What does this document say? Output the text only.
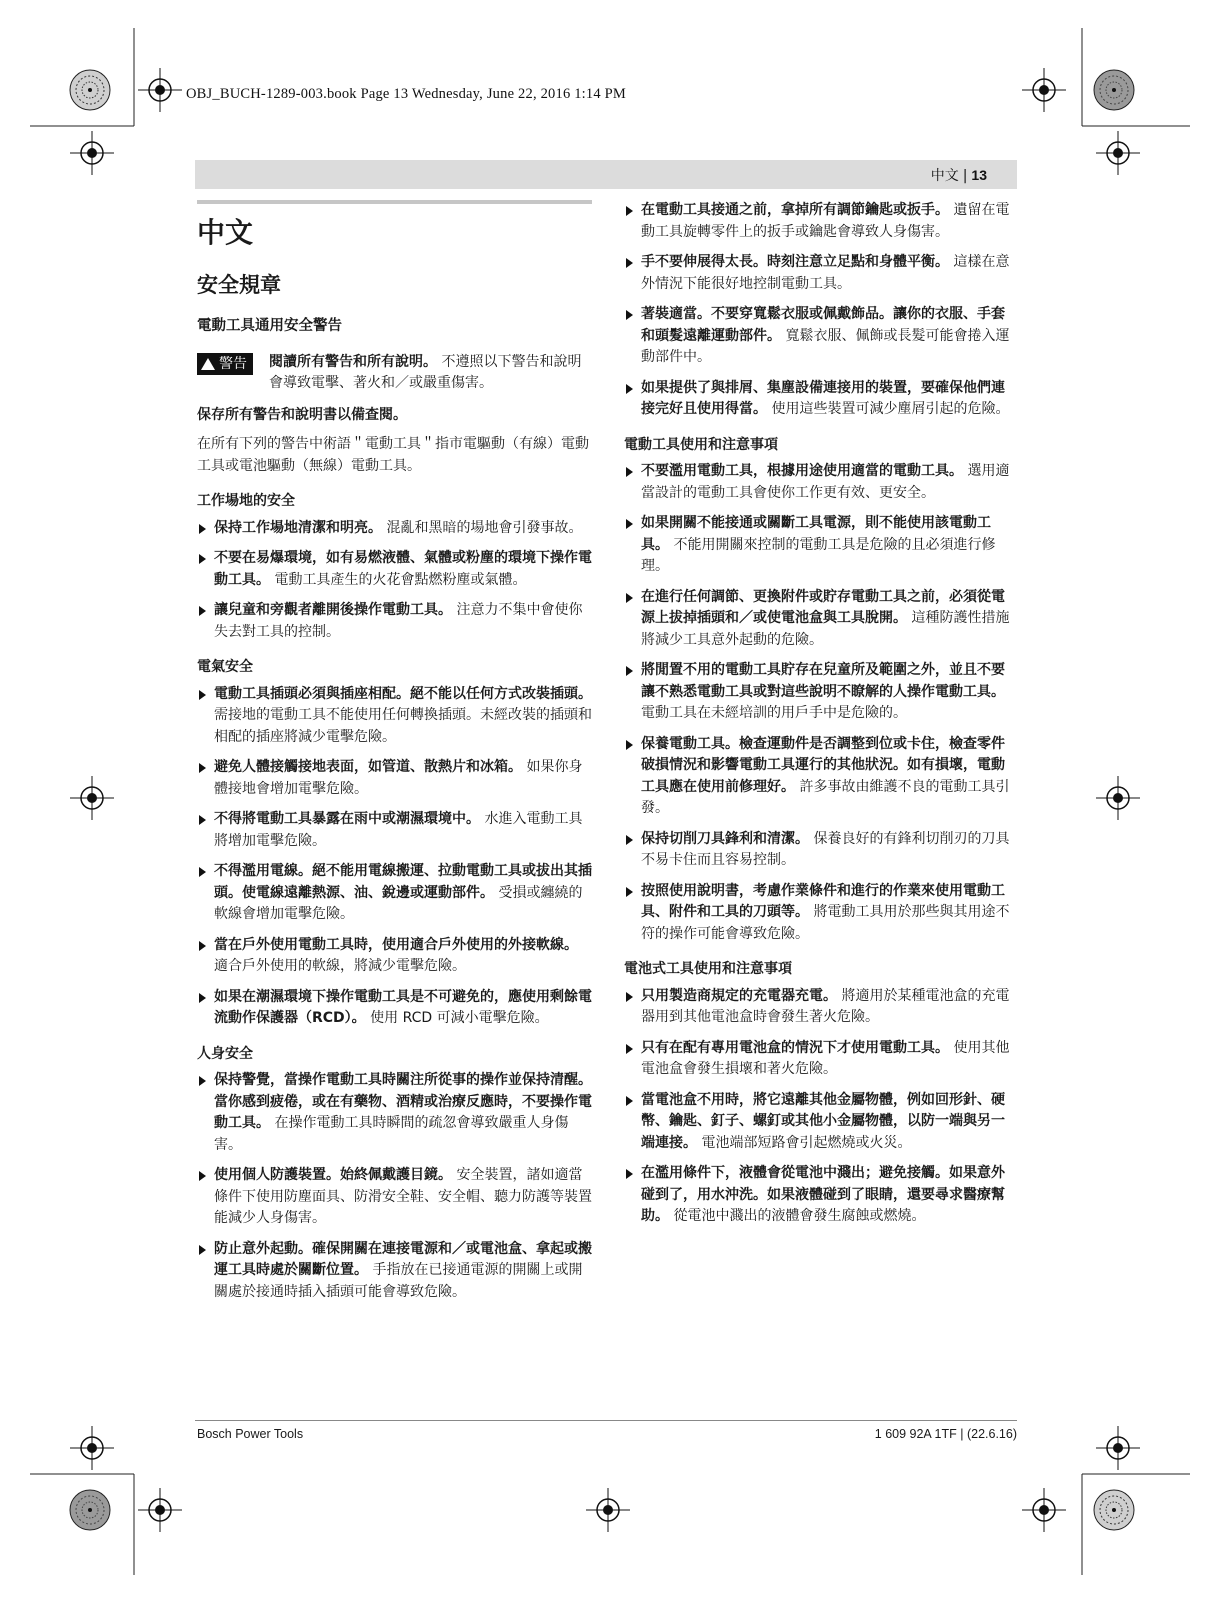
OBJ_BUCH-1289-003.book Page 13 Wednesday, June 22, 2016 1:14 PM
中文 | 13
中文
安全規章
電動工具通用安全警告
警告 閱讀所有警告和所有說明。 不遵照以下警告和說明會導致電擊、著火和／或嚴重傷害。
保存所有警告和說明書以備查閱。
在所有下列的警告中術語＂電動工具＂指市電驅動（有線）電動工具或電池驅動（無線）電動工具。
工作場地的安全
保持工作場地清潔和明亮。 混亂和黑暗的場地會引發事故。
不要在易爆環境，如有易燃液體、氣體或粉塵的環境下操作電動工具。 電動工具產生的火花會點燃粉塵或氣體。
讓兒童和旁觀者離開後操作電動工具。 注意力不集中會使你失去對工具的控制。
電氣安全
電動工具插頭必須與插座相配。絕不能以任何方式改裝插頭。 需接地的電動工具不能使用任何轉換插頭。未經改裝的插頭和相配的插座將減少電擊危險。
避免人體接觸接地表面，如管道、散熱片和冰箱。 如果你身體接地會增加電擊危險。
不得將電動工具暴露在雨中或潮濕環境中。 水進入電動工具將增加電擊危險。
不得濫用電線。絕不能用電線搬運、拉動電動工具或拔出其插頭。使電線遠離熱源、油、銳邊或運動部件。 受損或纏繞的軟線會增加電擊危險。
當在戶外使用電動工具時，使用適合戶外使用的外接軟線。 適合戶外使用的軟線，將減少電擊危險。
如果在潮濕環境下操作電動工具是不可避免的，應使用剩餘電流動作保護器（RCD）。 使用 RCD 可減小電擊危險。
人身安全
保持警覺，當操作電動工具時關注所從事的操作並保持清醒。當你感到疲倦，或在有藥物、酒精或治療反應時，不要操作電動工具。 在操作電動工具時瞬間的疏忽會導致嚴重人身傷害。
使用個人防護裝置。始終佩戴護目鏡。 安全裝置，諸如適當條件下使用防塵面具、防滑安全鞋、安全帽、聽力防護等裝置能減少人身傷害。
防止意外起動。確保開關在連接電源和／或電池盒、拿起或搬運工具時處於關斷位置。 手指放在已接通電源的開關上或開關處於接通時插入插頭可能會導致危險。
在電動工具接通之前，拿掉所有調節鑰匙或扳手。 遺留在電動工具旋轉零件上的扳手或鑰匙會導致人身傷害。
手不要伸展得太長。時刻注意立足點和身體平衡。 這樣在意外情況下能很好地控制電動工具。
著裝適當。不要穿寬鬆衣服或佩戴飾品。讓你的衣服、手套和頭髮遠離運動部件。 寬鬆衣服、佩飾或長髮可能會捲入運動部件中。
如果提供了與排屑、集塵設備連接用的裝置，要確保他們連接完好且使用得當。 使用這些裝置可減少塵屑引起的危險。
電動工具使用和注意事項
不要濫用電動工具，根據用途使用適當的電動工具。 選用適當設計的電動工具會使你工作更有效、更安全。
如果開關不能接通或關斷工具電源，則不能使用該電動工具。 不能用開關來控制的電動工具是危險的且必須進行修理。
在進行任何調節、更換附件或貯存電動工具之前，必須從電源上拔掉插頭和／或使電池盒與工具脫開。 這種防護性措施將減少工具意外起動的危險。
將閒置不用的電動工具貯存在兒童所及範圍之外，並且不要讓不熟悉電動工具或對這些說明不瞭解的人操作電動工具。 電動工具在未經培訓的用戶手中是危險的。
保養電動工具。檢查運動件是否調整到位或卡住，檢查零件破損情況和影響電動工具運行的其他狀況。如有損壞，電動工具應在使用前修理好。 許多事故由維護不良的電動工具引發。
保持切削刀具鋒利和清潔。 保養良好的有鋒利切削刃的刀具不易卡住而且容易控制。
按照使用說明書，考慮作業條件和進行的作業來使用電動工具、附件和工具的刀頭等。 將電動工具用於那些與其用途不符的操作可能會導致危險。
電池式工具使用和注意事項
只用製造商規定的充電器充電。 將適用於某種電池盒的充電器用到其他電池盒時會發生著火危險。
只有在配有專用電池盒的情況下才使用電動工具。 使用其他電池盒會發生損壞和著火危險。
當電池盒不用時，將它遠離其他金屬物體，例如回形針、硬幣、鑰匙、釘子、螺釘或其他小金屬物體，以防一端與另一端連接。 電池端部短路會引起燃燒或火災。
在濫用條件下，液體會從電池中濺出；避免接觸。如果意外碰到了，用水沖洗。如果液體碰到了眼睛，還要尋求醫療幫助。 從電池中濺出的液體會發生腐蝕或燃燒。
Bosch Power Tools	1 609 92A 1TF | (22.6.16)
